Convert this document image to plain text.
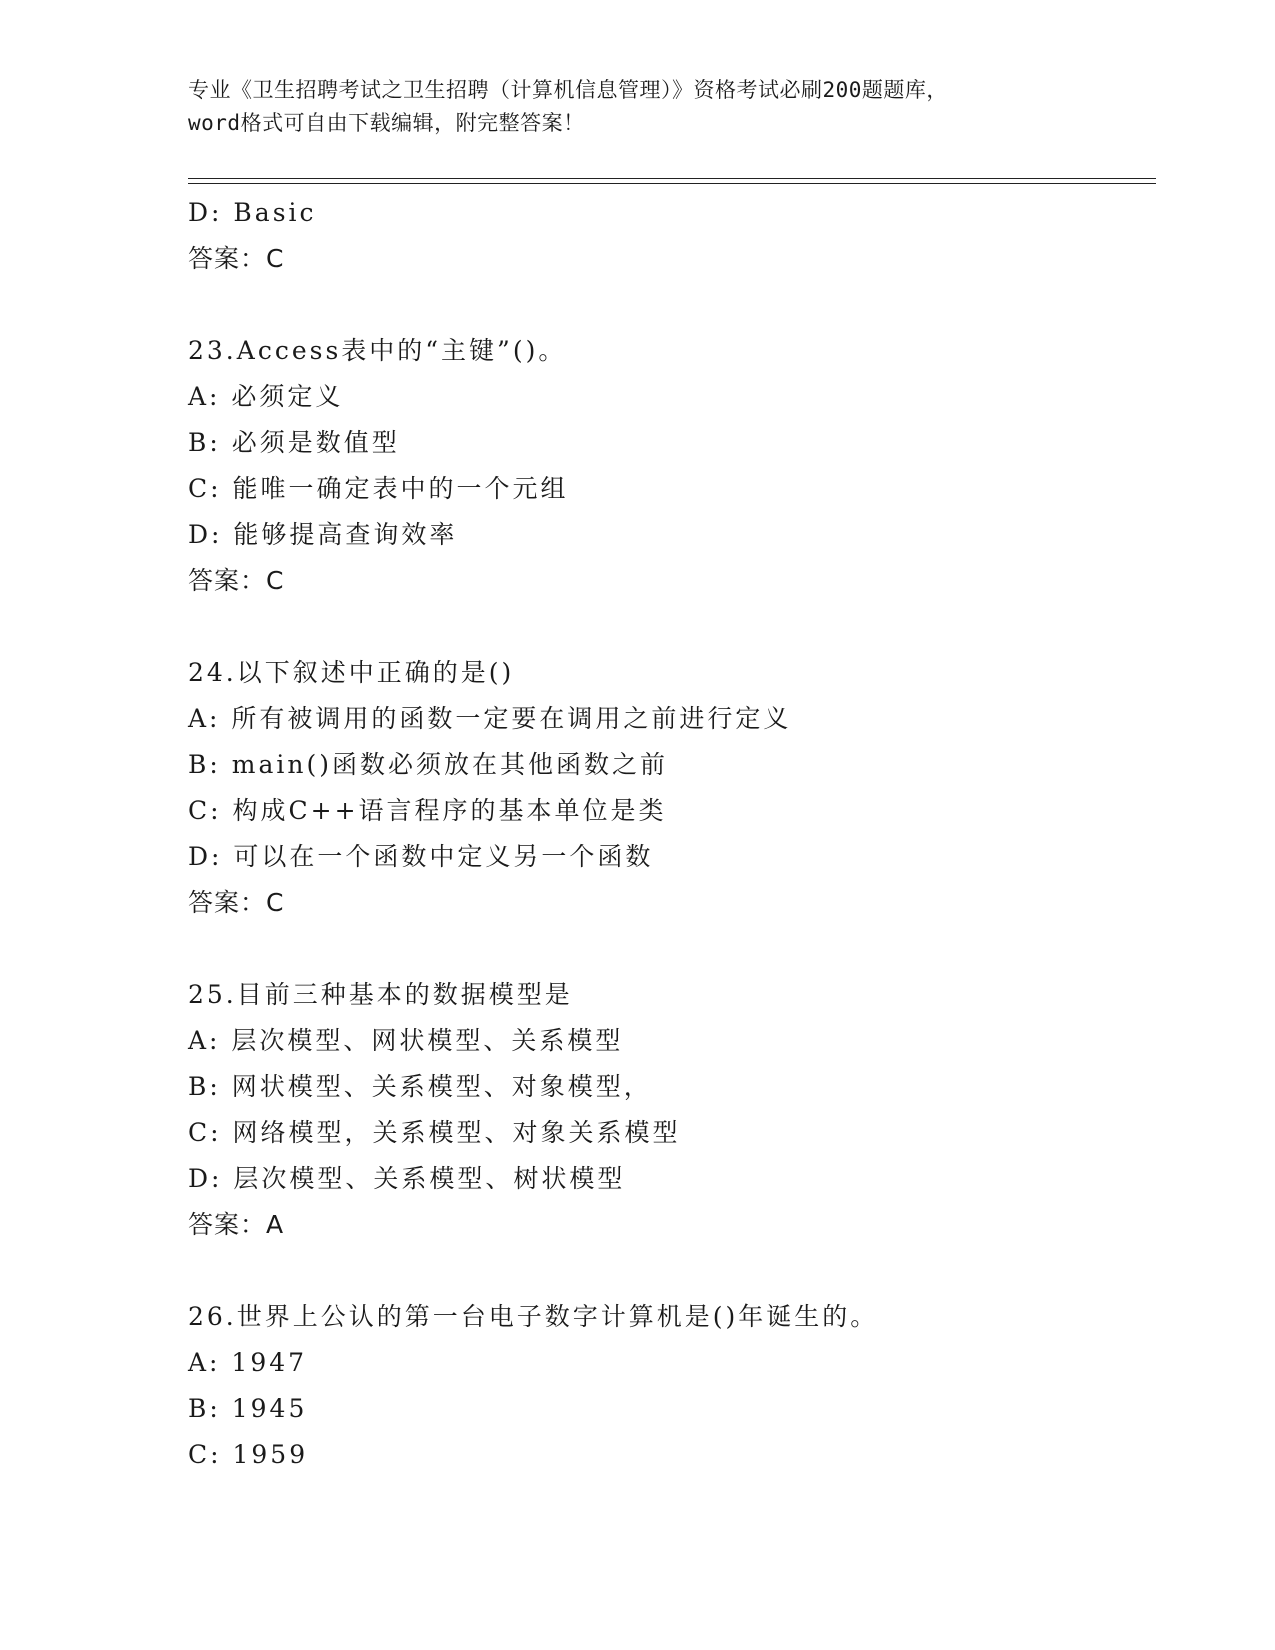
专业《卫生招聘考试之卫生招聘（计算机信息管理）》资格考试必刷200题题库，
word格式可自由下载编辑，附完整答案！
D: Basic
答案：C
23.Access表中的“主键”()。
A: 必须定义
B: 必须是数值型
C: 能唯一确定表中的一个元组
D: 能够提高查询效率
答案：C
24.以下叙述中正确的是()
A: 所有被调用的函数一定要在调用之前进行定义
B: main()函数必须放在其他函数之前
C: 构成C++语言程序的基本单位是类
D: 可以在一个函数中定义另一个函数
答案：C
25.目前三种基本的数据模型是
A: 层次模型、网状模型、关系模型
B: 网状模型、关系模型、对象模型，
C: 网络模型，关系模型、对象关系模型
D: 层次模型、关系模型、树状模型
答案：A
26.世界上公认的第一台电子数字计算机是()年诞生的。
A: 1947
B: 1945
C: 1959
